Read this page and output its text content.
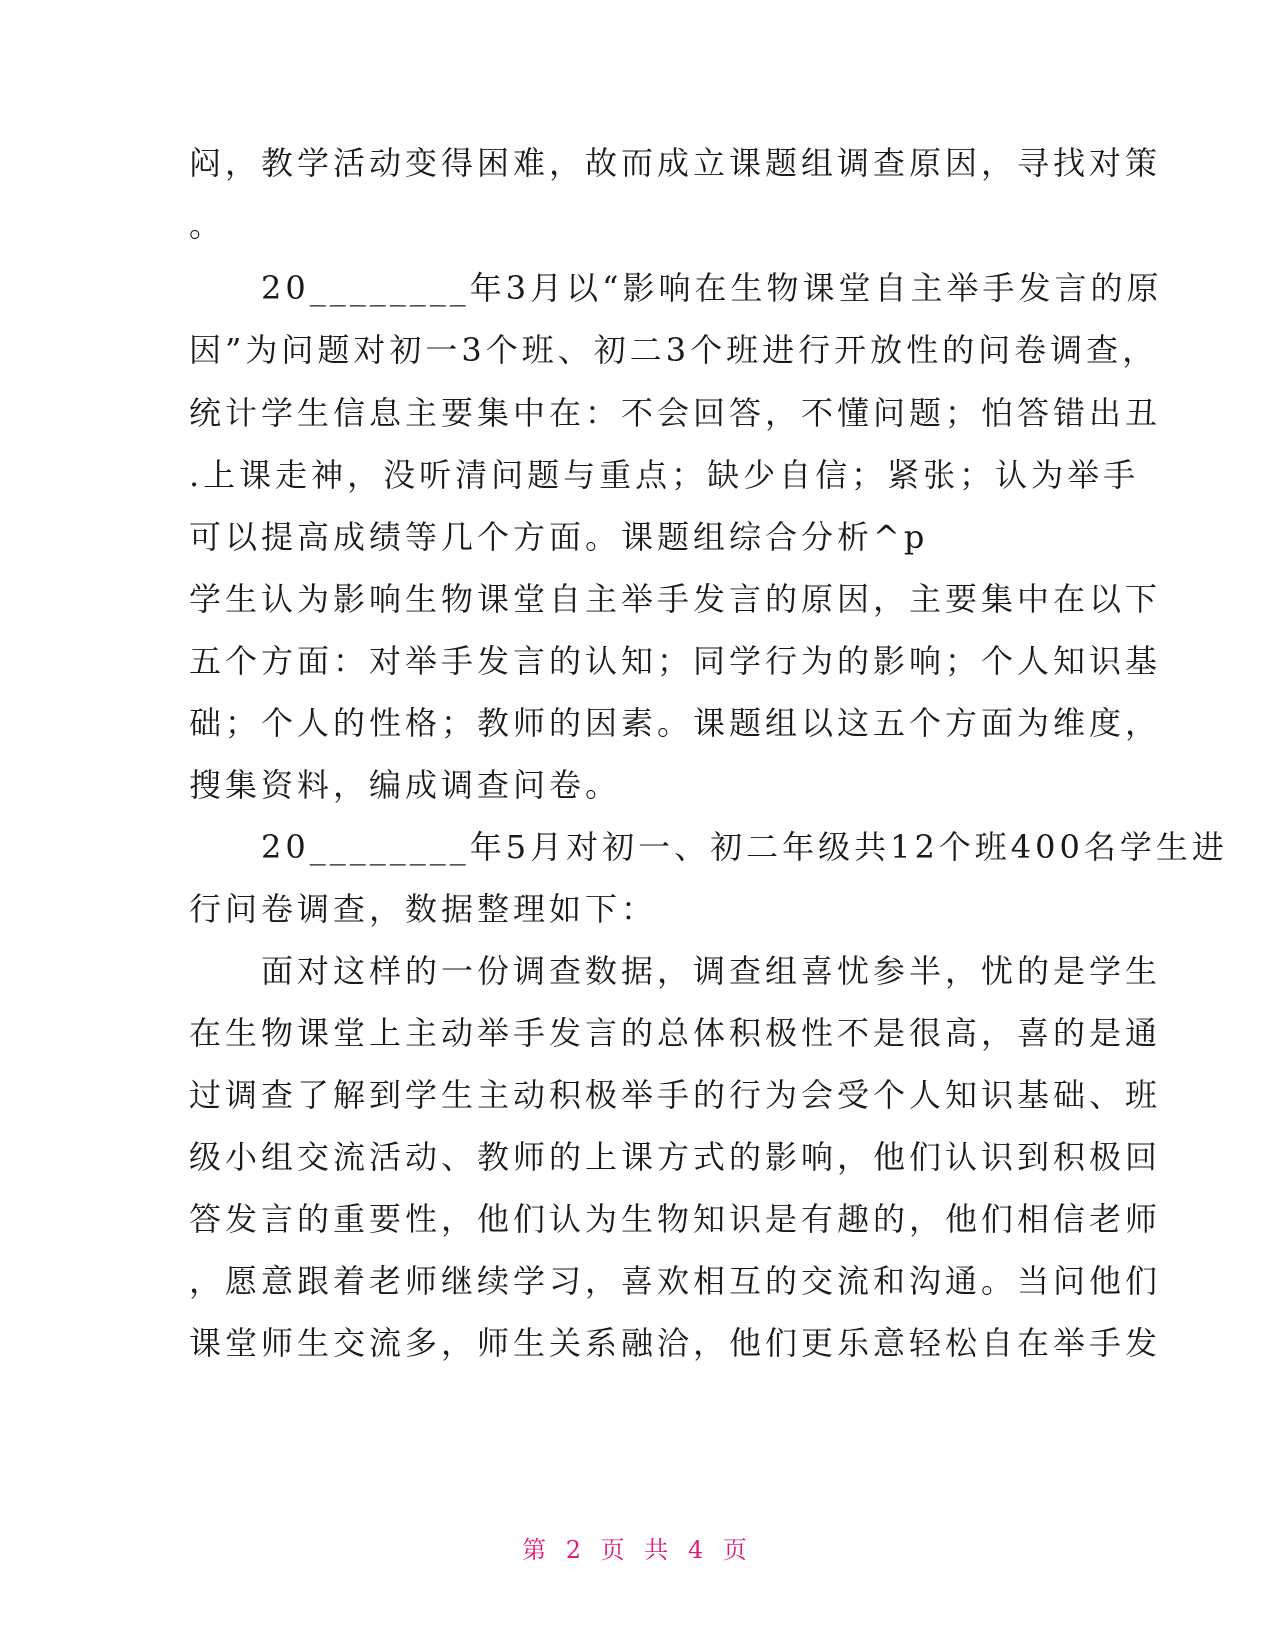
闷，教学活动变得困难，故而成立课题组调查原因，寻找对策
。
　　20________年3月以“影响在生物课堂自主举手发言的原
因”为问题对初一3个班、初二3个班进行开放性的问卷调查，
统计学生信息主要集中在：不会回答，不懂问题；怕答错出丑
.上课走神，没听清问题与重点；缺少自信；紧张；认为举手
可以提高成绩等几个方面。课题组综合分析^p
学生认为影响生物课堂自主举手发言的原因，主要集中在以下
五个方面：对举手发言的认知；同学行为的影响；个人知识基
础；个人的性格；教师的因素。课题组以这五个方面为维度，
搜集资料，编成调查问卷。
　　20________年5月对初一、初二年级共12个班400名学生进
行问卷调查，数据整理如下：
　　面对这样的一份调查数据，调查组喜忧参半，忧的是学生
在生物课堂上主动举手发言的总体积极性不是很高，喜的是通
过调查了解到学生主动积极举手的行为会受个人知识基础、班
级小组交流活动、教师的上课方式的影响，他们认识到积极回
答发言的重要性，他们认为生物知识是有趣的，他们相信老师
，愿意跟着老师继续学习，喜欢相互的交流和沟通。当问他们
课堂师生交流多，师生关系融洽，他们更乐意轻松自在举手发
第 2 页 共 4 页
